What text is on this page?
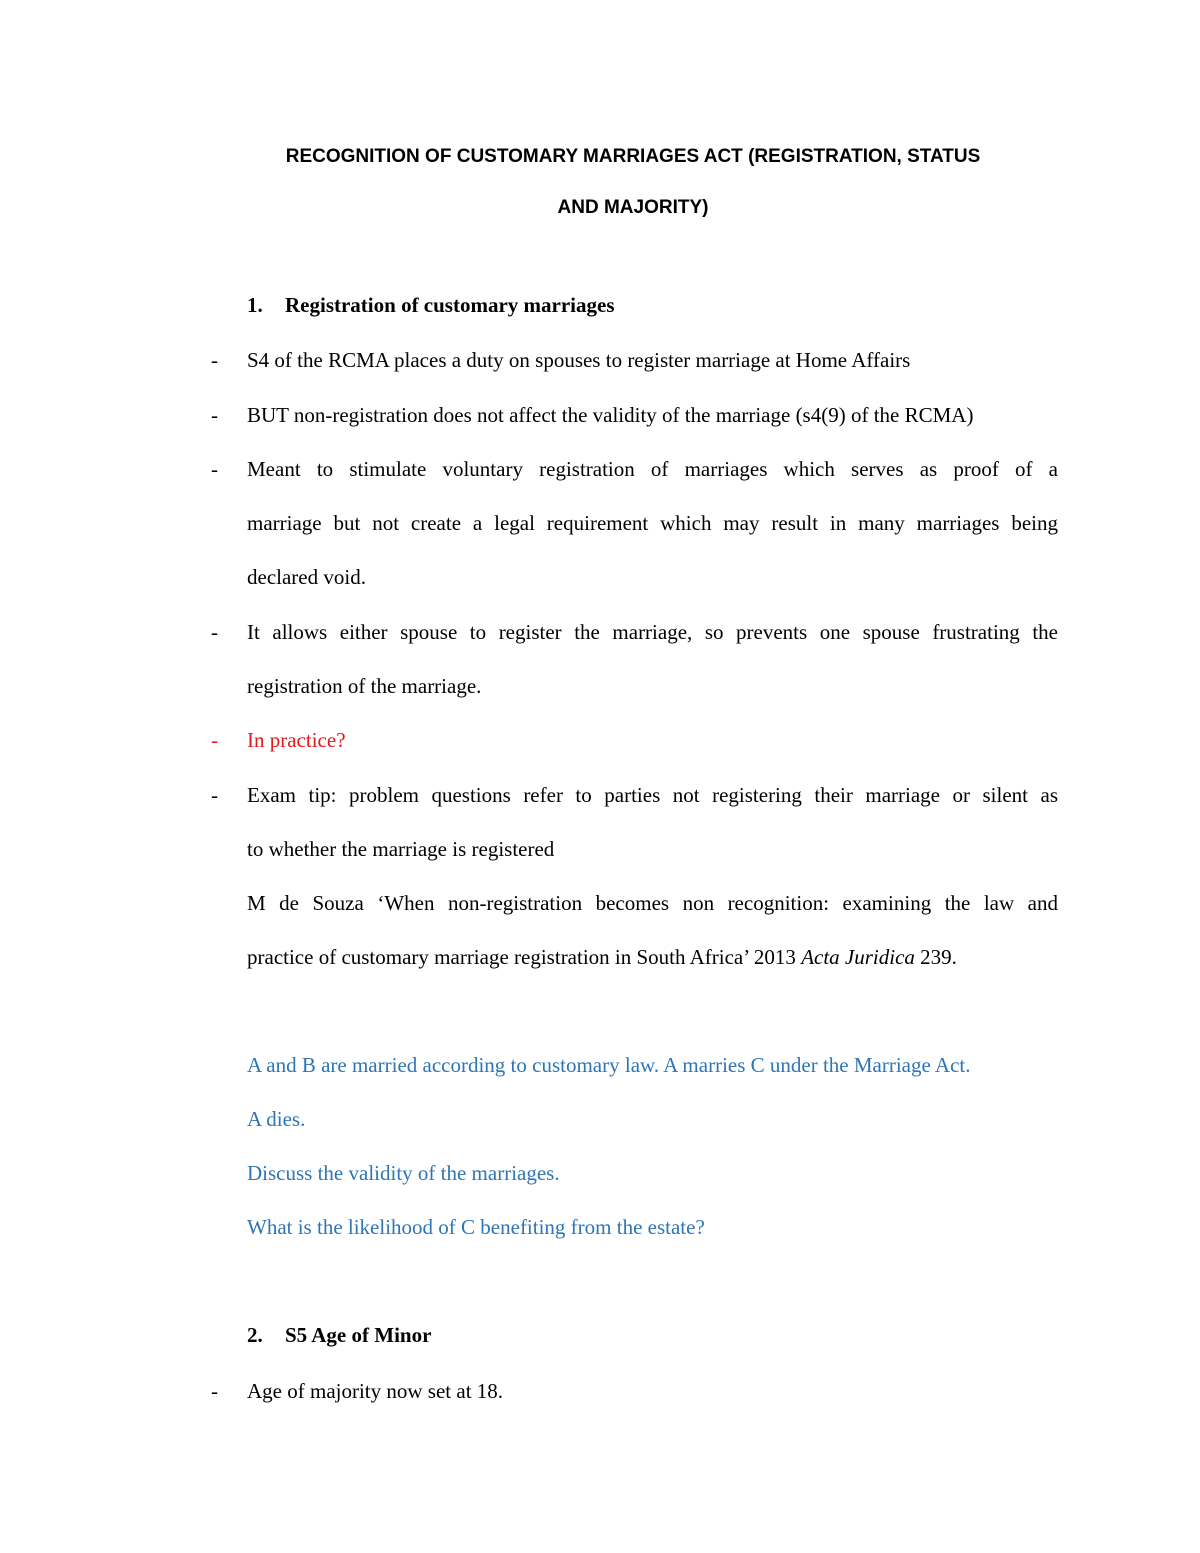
RECOGNITION OF CUSTOMARY MARRIAGES ACT (REGISTRATION, STATUS
AND MAJORITY)
1. Registration of customary marriages
- S4 of the RCMA places a duty on spouses to register marriage at Home Affairs
- BUT non-registration does not affect the validity of the marriage (s4(9) of the RCMA)
- Meant to stimulate voluntary registration of marriages which serves as proof of a
marriage but not create a legal requirement which may result in many marriages being
declared void.
- It allows either spouse to register the marriage, so prevents one spouse frustrating the
registration of the marriage.
- In practice?
- Exam tip: problem questions refer to parties not registering their marriage or silent as
to whether the marriage is registered
M de Souza ‘When non-registration becomes non recognition: examining the law and
practice of customary marriage registration in South Africa’ 2013 Acta Juridica 239.
A and B are married according to customary law. A marries C under the Marriage Act.
A dies.
Discuss the validity of the marriages.
What is the likelihood of C benefiting from the estate?
2. S5 Age of Minor
- Age of majority now set at 18.
